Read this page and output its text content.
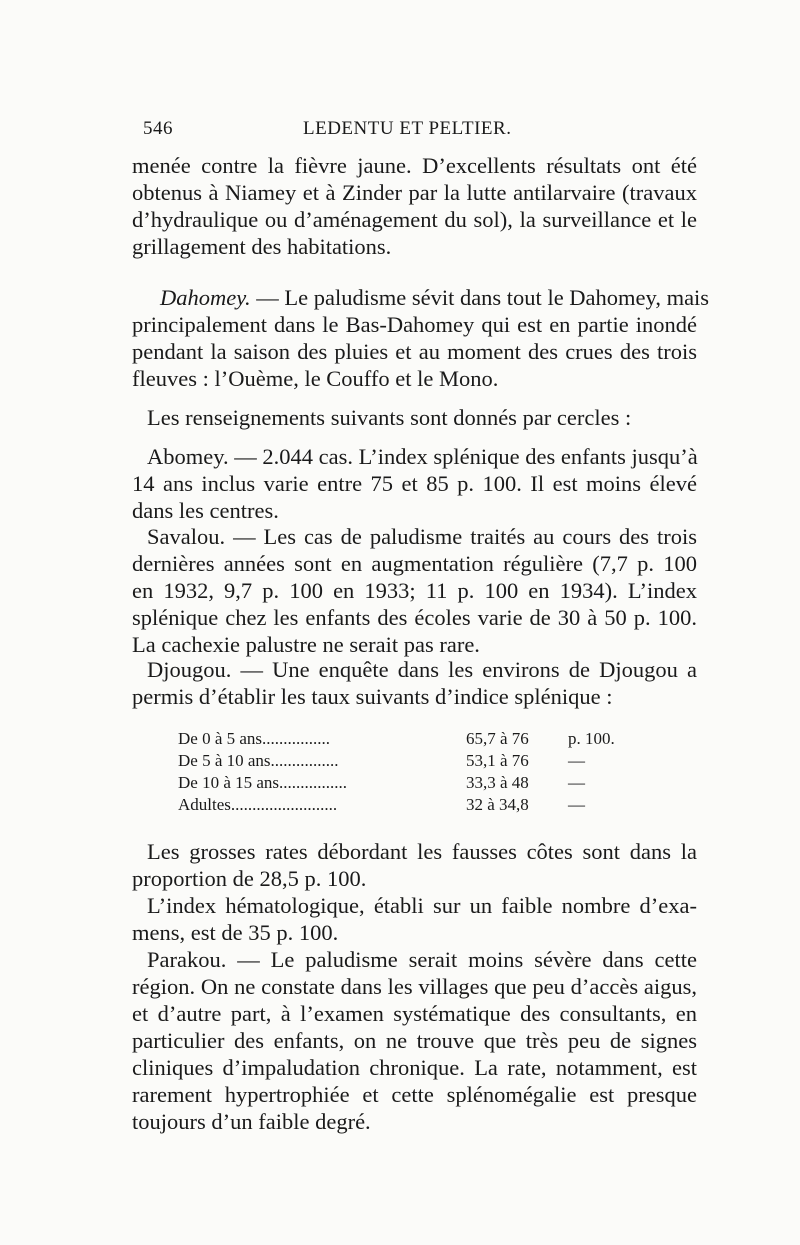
546	LEDENTU ET PELTIER.
menée contre la fièvre jaune. D’excellents résultats ont été
obtenus à Niamey et à Zinder par la lutte antilarvaire (travaux
d’hydraulique ou d’aménagement du sol), la surveillance et le
grillagement des habitations.
Dahomey. — Le paludisme sévit dans tout le Dahomey, mais
principalement dans le Bas-Dahomey qui est en partie inondé
pendant la saison des pluies et au moment des crues des trois
fleuves : l’Ouème, le Couffo et le Mono.
Les renseignements suivants sont donnés par cercles :
Abomey. — 2.044 cas. L’index splénique des enfants jusqu’à
14 ans inclus varie entre 75 et 85 p. 100. Il est moins élevé
dans les centres.
Savalou. — Les cas de paludisme traités au cours des trois
dernières années sont en augmentation régulière (7,7 p. 100
en 1932, 9,7 p. 100 en 1933; 11 p. 100 en 1934). L’index
splénique chez les enfants des écoles varie de 30 à 50 p. 100.
La cachexie palustre ne serait pas rare.
Djougou. — Une enquête dans les environs de Djougou a
permis d’établir les taux suivants d’indice splénique :
De 0 à 5 ans................	65,7 à 76 p. 100.
De 5 à 10 ans................	53,1 à 76 —
De 10 à 15 ans................	33,3 à 48 —
Adultes.........................	32 à 34,8 —
Les grosses rates débordant les fausses côtes sont dans la
proportion de 28,5 p. 100.
L’index hématologique, établi sur un faible nombre d’exa-
mens, est de 35 p. 100.
Parakou. — Le paludisme serait moins sévère dans cette
région. On ne constate dans les villages que peu d’accès aigus,
et d’autre part, à l’examen systématique des consultants, en
particulier des enfants, on ne trouve que très peu de signes
cliniques d’impaludation chronique. La rate, notamment, est
rarement hypertrophiée et cette splénomégalie est presque
toujours d’un faible degré.
